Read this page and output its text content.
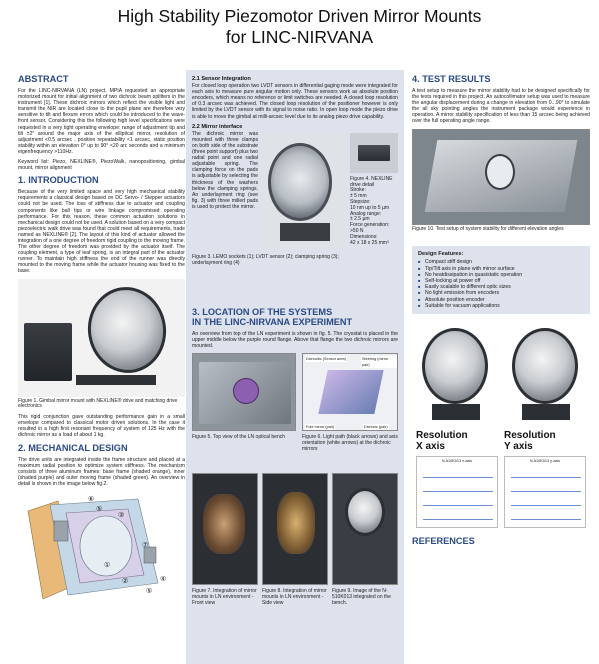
High Stability Piezomotor Driven Mirror Mounts
for LINC-NIRVANA
ABSTRACT

For the LINC-NIRVANA (LN) project, MPIA requested an appropriate motorized mount for initial alignment of two dichroic beam splitters in the instrument [1]. These dichroic mirrors which reflect the visible light and transmit the NIR are located close to the pupil plane are therefore very sensitive to tilt and flexure errors which could be introduced to the wave-front sensor. Considering this the following high level specifications were requested in a very tight operating envelope: range of adjustment tip and tilt ±2° around the major axis of the elliptical mirror, resolution of adjustment <0.5 arcsec , position repeatability <1 arcsec, static position stability within an elevation 0° up to 90° <20 arc seconds and a minimum eigenfrequency >110Hz.

Keyword list: Piezo, NEXLINE®, PiezoWalk, nanopositioning, gimbal mount, mirror alignment

1. INTRODUCTION

Because of the very limited space and very high mechanical stability requirements a classical design based on DC Servo- / Stepper actuators could not be used. The loss of stiffness due to actuator and coupling components like ball tips or wire linkage compromised operating performance. For this reason, these common actuation solutions in mechanical design could not be used. A solution based on a very compact piezoelectric walk drive was found that could meet all requirements, trade named as NEXLINE® [2]. The layout of this kind of actuator allowed the integration of a one degree of freedom rigid coupling to the moving frame. The other degree of freedom was provided by the actuator itself. The coupling element, a type of leaf spring, is an integral part of the actuator runner. To maintain high stiffness the end of the runner was directly mounted to the moving frame while the actuator housing was fixed to the base.

Figure 1. Gimbal mirror mount with NEXLINE® drive and matching drive electronics

This rigid conjunction gave outstanding performance gain in a small envelope compared to classical motor driven solutions. In the case it resulted in a high first resonant frequency of system of 125 Hz with the dichroic mirror as a load of about 1 kg.

2. MECHANICAL DESIGN

The drive units are integrated inside the frame structure and placed at a maximum radial position to optimize system stiffness. The mechanism consists of three aluminum frames: base frame (shaded orange), inner (shaded purple) and outer moving frame (shaded green). An overview in detail is shown in the image below fig.2.

⑥
⑤
③
⑦
①
②	④
⑤
2.1 Sensor Integration

For closed loop operation two LVDT sensors in differential gaging mode were integrated for each axis to measure pure angular motion only. These sensors work as absolute position encoders, which means no reference or limit switches are needed. A closed loop resolution of 0.3 arcsec was achieved. The closed loop resolution of the positioner however is only limited by the LVDT sensor with its signal to noise ratio. In open loop mode the piezo drive is able to move the gimbal at milli-arcsec level due to its analog piezo drive capability.

2.2 Mirror interface

The dichroic mirror was mounted with three clamps on both side of the substrate (three point support) plus two radial point and one radial adjustable spring. The clamping force on the pads is adjustable by selecting the thickness of the washers below the clamping springs. An underlayment ring (see fig. 3) with three milled pads is used to protect the mirror.

Figure 3. LEMO sockets (1); LVDT sensor (2); clamping spring (3); underlayment ring (4)
Figure 4. NEXLINE drive detail
Stroke:
± 5 mm
Stepsize:
10 nm up to 5 µm
Analog range:
± 2.5 µm
Force generation:
>50 N
Dimensions:
42 x 18 x 25 mm³
3. LOCATION OF THE SYSTEMS
IN THE LINC-NIRVANA EXPERIMENT

An overview from top of the LN experiment is shown in fig. 5. The cryostat is placed in the upper middle below the purple round flange. Above that flange the two dichroic mirrors are mounted.

Dichroitic (Sensor area)	Steering (mirror pair)
Fold mirror (pair)	Dichroic (pair)
Figure 5. Top view of the LN optical bench	Figure 6. Light path (black arrows) and axis orientation (white arrows) at the dichroic mirrors
Figure 7. Integration of mirror mounts in LN environment - Front view
Figure 8. Integration of mirror mounts in LN environment - Side view
Figure 9. Image of the N-510K013 integrated on the bench.
4. TEST RESULTS

A test setup to measure the mirror stability had to be designed specifically for the tests required in this project. An autocollimator setup was used to measure the angular displacement during a change in elevation from 0...90° to simulate the all sky pointing angles the instrument package would experience in operation. A mirror stability specification of less than 15 arcsec being achieved over the full operating angle range.

Figure 10. Test setup of system stability for different elevation angles
Design Features:
■ Compact stiff design
■ Tip/Tilt axis in plane with mirror surface
■ No heatdissipation in quasistatic operation
■ Self-locking at power off
■ Easily scalable to different optic sizes
■ No light emission from encoders
■ Absolute position encoder
■ Suitable for vacuum applications
Resolution
X axis
Resolution
Y axis
N-510K013 x-axis	N-510K013 y-axis
REFERENCES
